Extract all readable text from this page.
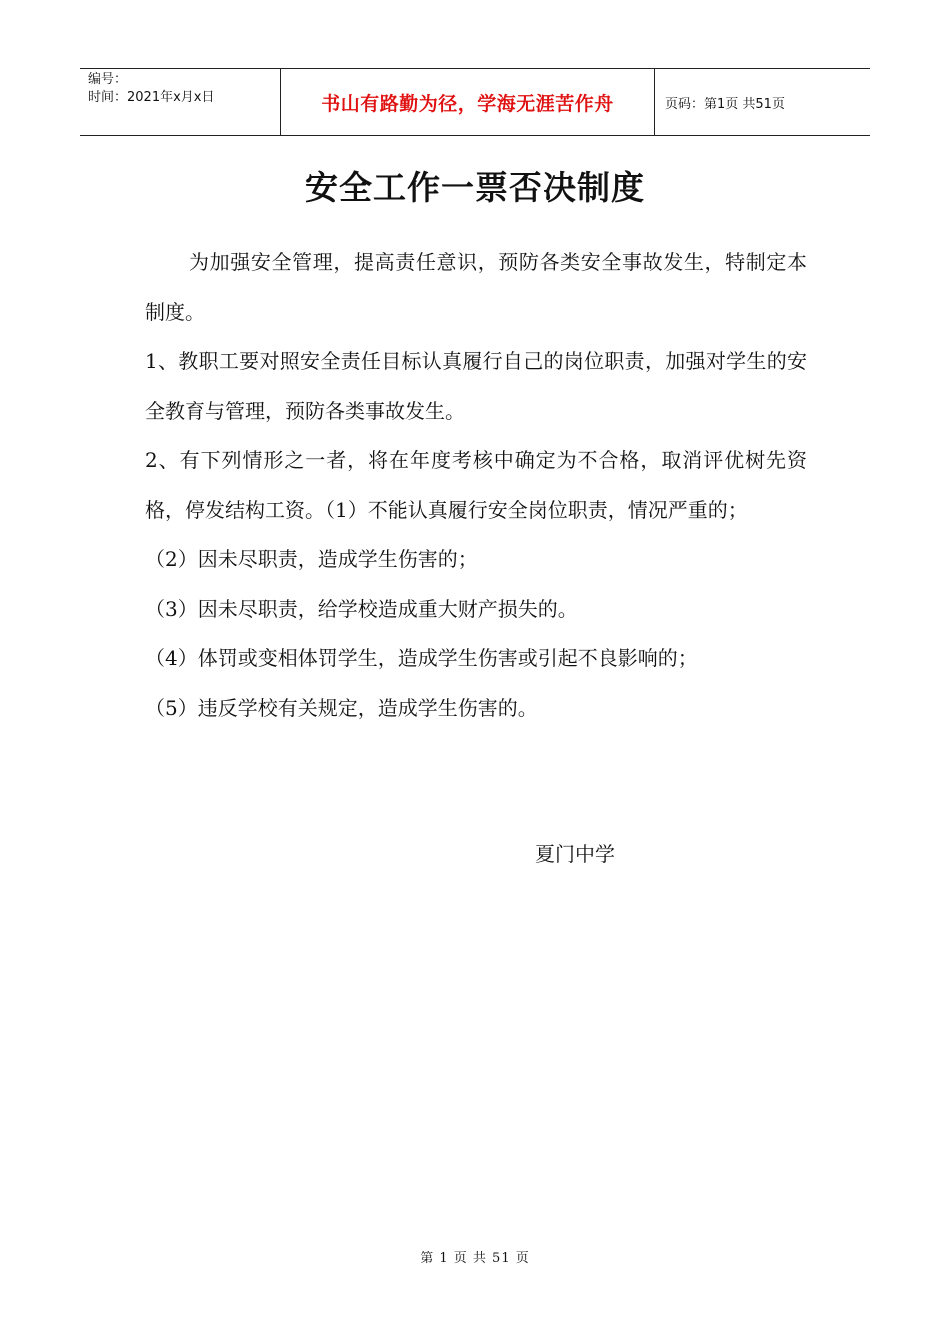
编号：
时间：2021年x月x日	书山有路勤为径，学海无涯苦作舟	页码：第1页 共51页
安全工作一票否决制度

为加强安全管理，提高责任意识，预防各类安全事故发生，特制定本制度。

1、教职工要对照安全责任目标认真履行自己的岗位职责，加强对学生的安全教育与管理，预防各类事故发生。

2、有下列情形之一者，将在年度考核中确定为不合格，取消评优树先资格，停发结构工资。（1）不能认真履行安全岗位职责，情况严重的；

（2）因未尽职责，造成学生伤害的；

（3）因未尽职责，给学校造成重大财产损失的。

（4）体罚或变相体罚学生，造成学生伤害或引起不良影响的；

（5）违反学校有关规定，造成学生伤害的。

夏门中学
第 1 页 共 51 页
